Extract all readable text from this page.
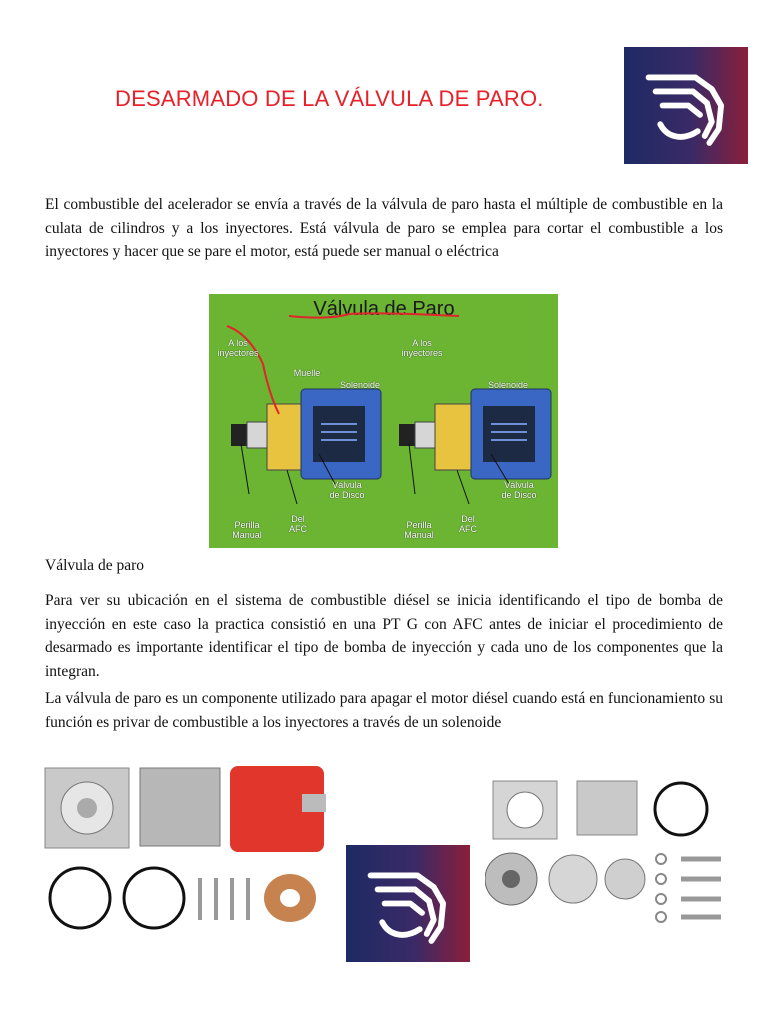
DESARMADO DE LA VÁLVULA DE PARO.

El combustible del acelerador se envía a través de la válvula de paro hasta el múltiple de combustible en la culata de cilindros y a los inyectores. Está válvula de paro se emplea para cortar el combustible a los inyectores y hacer que se pare el motor, está puede ser manual o eléctrica

Válvula de Paro
A los inyectores
Muelle
Solenoide
Válvula de Disco
Del AFC
Perilla Manual
A los inyectores
Solenoide
Válvula de Disco
Del AFC
Perilla Manual
Válvula de paro

Para ver su ubicación en el sistema de combustible diésel se inicia identificando el tipo de bomba de inyección en este caso la practica consistió en una PT G con AFC antes de iniciar el procedimiento de desarmado es importante identificar el tipo de bomba de inyección y cada uno de los componentes que la integran.

La válvula de paro es un componente utilizado para apagar el motor diésel cuando está en funcionamiento su función es privar de combustible a los inyectores a través de un solenoide
